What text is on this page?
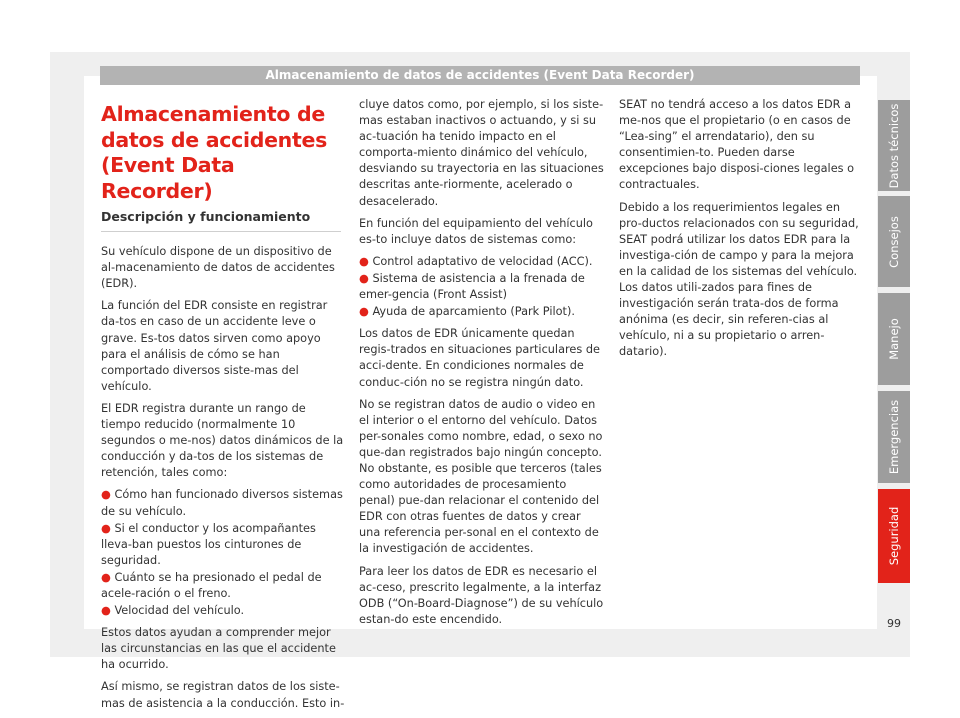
Almacenamiento de datos de accidentes (Event Data Recorder)
Almacenamiento de datos de accidentes (Event Data Recorder)
Descripción y funcionamiento

Su vehículo dispone de un dispositivo de al-macenamiento de datos de accidentes (EDR).

La función del EDR consiste en registrar da-tos en caso de un accidente leve o grave. Es-tos datos sirven como apoyo para el análisis de cómo se han comportado diversos siste-mas del vehículo.

El EDR registra durante un rango de tiempo reducido (normalmente 10 segundos o me-nos) datos dinámicos de la conducción y da-tos de los sistemas de retención, tales como:

● Cómo han funcionado diversos sistemas de su vehículo.

● Si el conductor y los acompañantes lleva-ban puestos los cinturones de seguridad.

● Cuánto se ha presionado el pedal de acele-ración o el freno.

● Velocidad del vehículo.

Estos datos ayudan a comprender mejor las circunstancias en las que el accidente ha ocurrido.

Así mismo, se registran datos de los siste-mas de asistencia a la conducción. Esto in-

cluye datos como, por ejemplo, si los siste-mas estaban inactivos o actuando, y si su ac-tuación ha tenido impacto en el comporta-miento dinámico del vehículo, desviando su trayectoria en las situaciones descritas ante-riormente, acelerado o desacelerado.

En función del equipamiento del vehículo es-to incluye datos de sistemas como:

● Control adaptativo de velocidad (ACC).

● Sistema de asistencia a la frenada de emer-gencia (Front Assist)

● Ayuda de aparcamiento (Park Pilot).

Los datos de EDR únicamente quedan regis-trados en situaciones particulares de acci-dente. En condiciones normales de conduc-ción no se registra ningún dato.

No se registran datos de audio o video en el interior o el entorno del vehículo. Datos per-sonales como nombre, edad, o sexo no que-dan registrados bajo ningún concepto. No obstante, es posible que terceros (tales como autoridades de procesamiento penal) pue-dan relacionar el contenido del EDR con otras fuentes de datos y crear una referencia per-sonal en el contexto de la investigación de accidentes.

Para leer los datos de EDR es necesario el ac-ceso, prescrito legalmente, a la interfaz ODB (“On-Board-Diagnose”) de su vehículo estan-do este encendido.

SEAT no tendrá acceso a los datos EDR a me-nos que el propietario (o en casos de “Lea-sing” el arrendatario), den su consentimien-to. Pueden darse excepciones bajo disposi-ciones legales o contractuales.

Debido a los requerimientos legales en pro-ductos relacionados con su seguridad, SEAT podrá utilizar los datos EDR para la investiga-ción de campo y para la mejora en la calidad de los sistemas del vehículo. Los datos utili-zados para fines de investigación serán trata-dos de forma anónima (es decir, sin referen-cias al vehículo, ni a su propietario o arren-datario).

Datos técnicos
Consejos
Manejo
Emergencias
Seguridad
99
